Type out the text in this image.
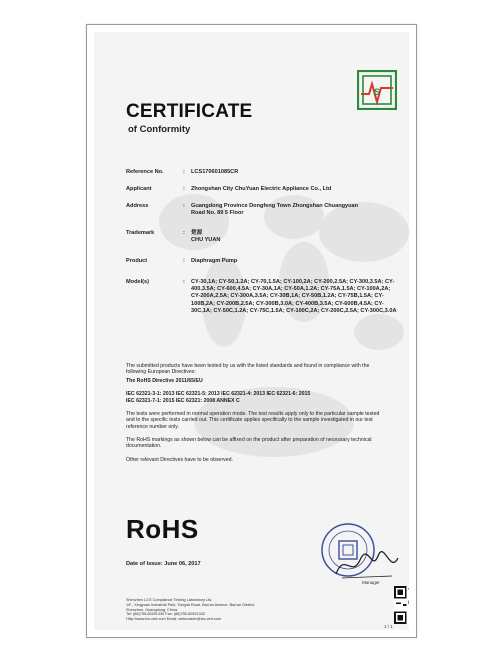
S
CERTIFICATE
of Conformity
Reference No.	: LCS170601085CR
Applicant	: Zhongshan City ChuYuan Electric Appliance Co., Ltd
Address	: Guangdong Province Dongfeng Town Zhongshan Chuangyuan Road No. 89 5 Floor
Trademark	: 楚源
CHU YUAN
Product	: Diaphragm Pump
Model(s)	: CY-30,1A; CY-50,1.2A; CY-70,1.5A; CY-100,2A; CY-200,2.5A; CY-300,3.5A; CY-400,3.5A; CY-600,4.5A; CY-30A,1A; CY-50A,1.2A; CY-75A,1.5A; CY-100A,2A; CY-200A,2.5A; CY-300A,3.5A; CY-30B,1A; CY-50B,1.2A; CY-75B,1.5A; CY-100B,2A; CY-200B,2.5A; CY-300B,3.0A; CY-400B,3.5A; CY-600B,4.5A; CY-30C,1A; CY-50C,1.2A; CY-75C,1.5A; CY-100C,2A; CY-200C,2.5A; CY-300C,3.0A
The submitted products have been tested by us with the listed standards and found in compliance with the following European Directives:
The RoHS Directive 2011/65/EU
IEC 62321-3-1: 2013 IEC 62321-5: 2013 IEC 62321-4: 2013 IEC 62321-6: 2015
IEC 62321-7-1: 2015 IEC 62321: 2008 ANNEX C
The tests were performed in normal operation mode. The test results apply only to the particular sample tested and to the specific tests carried out. This certificate applies specifically to the sample investigated in our test reference number only.
The RoHS markings as shown below can be affixed on the product after preparation of necessary technical documentation.
Other relevant Directives have to be observed.
RoHS
Date of Issue: June 06, 2017
Manager
Shenzhen LCS Compliance Testing Laboratory Ltd.
1/F., Xingyuan Industrial Park, Tongda Road, Bao'an Avenue, Bao'an District,
Shenzhen, Guangdong, China
Tel: (86)755-82591330 Fax: (86)755-82591332
Http://www.lcs-cert.com Email: webmaster@lcs-cert.com
1 / 1
